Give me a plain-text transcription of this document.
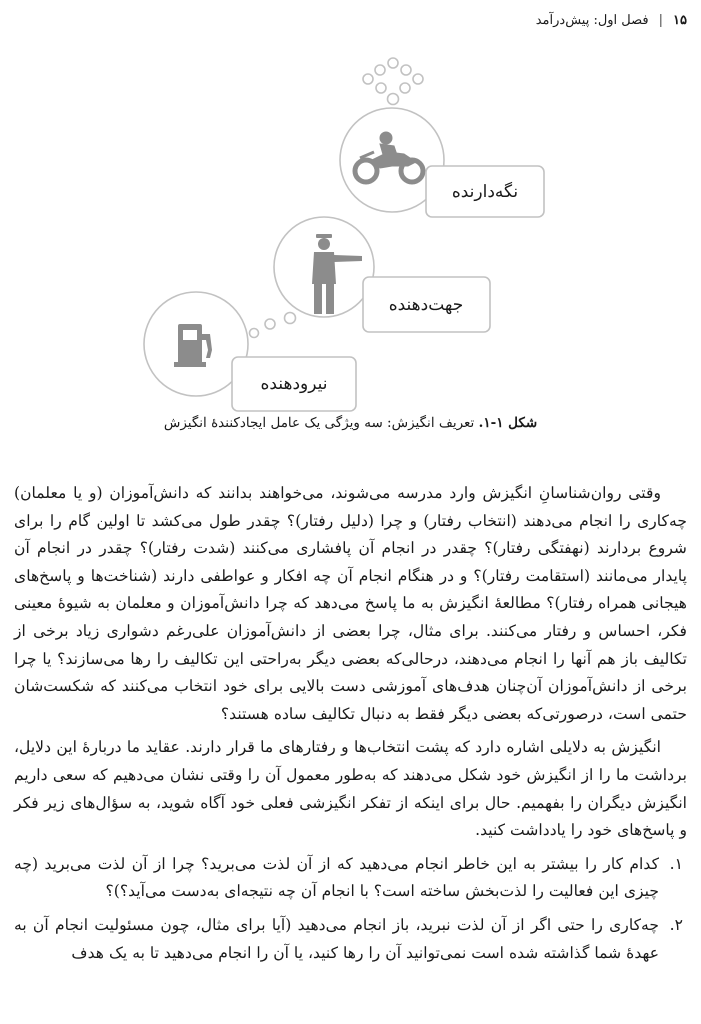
۱۵
|
فصل اول: پیش‌درآمد
نگه‌دارنده
جهت‌دهنده
نیرودهنده
شکل ۱-۱. تعریف انگیزش: سه ویژگی یک عامل ایجادکنندۀ انگیزش

وقتی روان‌شناسانِ انگیزش وارد مدرسه می‌شوند، می‌خواهند بدانند که دانش‌آموزان (و یا معلمان) چه‌کاری را انجام می‌دهند (انتخاب رفتار) و چرا (دلیل رفتار)؟ چقدر طول می‌کشد تا اولین گام را برای شروع بردارند (نهفتگی رفتار)؟ چقدر در انجام آن پافشاری می‌کنند (شدت رفتار)؟ چقدر در انجام آن پایدار می‌مانند (استقامت رفتار)؟ و در هنگام انجام آن چه افکار و عواطفی دارند (شناخت‌ها و پاسخ‌های هیجانی همراه رفتار)؟ مطالعۀ انگیزش به ما پاسخ می‌دهد که چرا دانش‌آموزان و معلمان به شیوۀ معینی فکر، احساس و رفتار می‌کنند. برای مثال، چرا بعضی از دانش‌آموزان علی‌رغم دشواری زیاد برخی از تکالیف باز هم آنها را انجام می‌دهند، درحالی‌که بعضی دیگر به‌راحتی این تکالیف را رها می‌سازند؟ یا چرا برخی از دانش‌آموزان آن‌چنان هدف‌های آموزشی دست بالایی برای خود انتخاب می‌کنند که شکست‌شان حتمی است، درصورتی‌که بعضی دیگر فقط به دنبال تکالیف ساده هستند؟

انگیزش به دلایلی اشاره دارد که پشت انتخاب‌ها و رفتارهای ما قرار دارند. عقاید ما دربارۀ این دلایل، برداشت ما را از انگیزش خود شکل می‌دهند که به‌طور معمول آن را وقتی نشان می‌دهیم که سعی داریم انگیزش دیگران را بفهمیم. حال برای اینکه از تفکر انگیزشی فعلی خود آگاه شوید، به سؤال‌های زیر فکر و پاسخ‌های خود را یادداشت کنید.

۱.
کدام کار را بیشتر به این خاطر انجام می‌دهید که از آن لذت می‌برید؟ چرا از آن لذت می‌برید (چه چیزی این فعالیت را لذت‌بخش ساخته است؟ با انجام آن چه نتیجه‌ای به‌دست می‌آید؟)؟
۲.
چه‌کاری را حتی اگر از آن لذت نبرید، باز انجام می‌دهید (آیا برای مثال، چون مسئولیت انجام آن به عهدۀ شما گذاشته شده است نمی‌توانید آن را رها کنید، یا آن را انجام می‌دهید تا به یک هدف
